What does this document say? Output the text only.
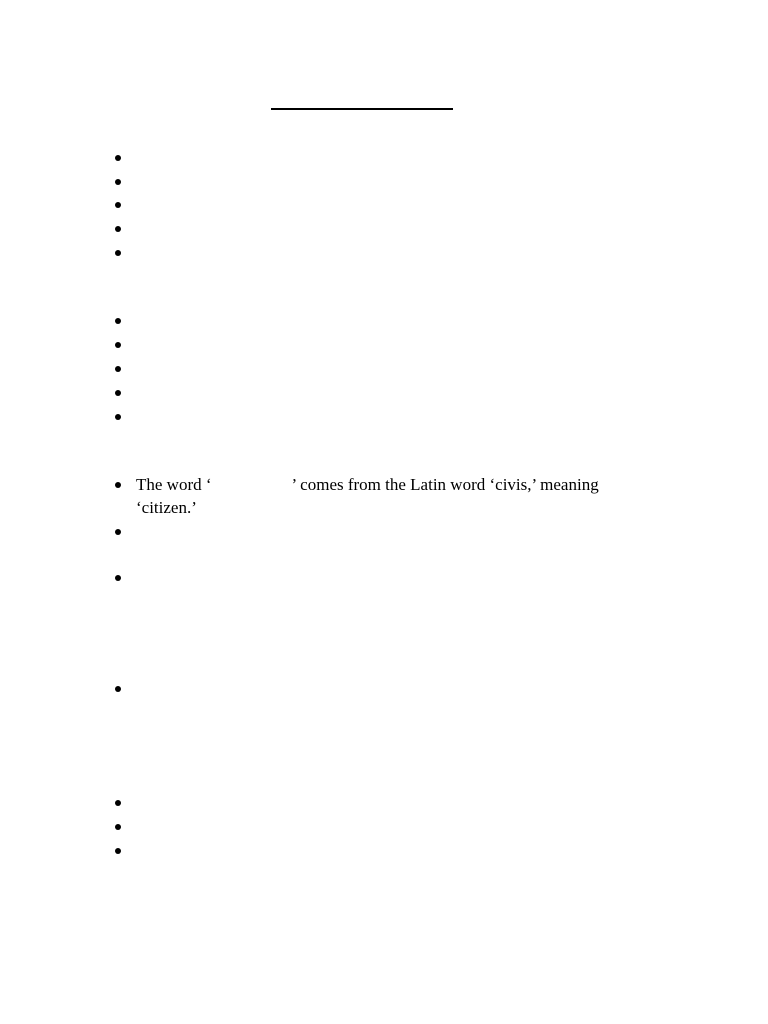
The word ‘	’ comes from the Latin word ‘civis,’ meaning
‘citizen.’
